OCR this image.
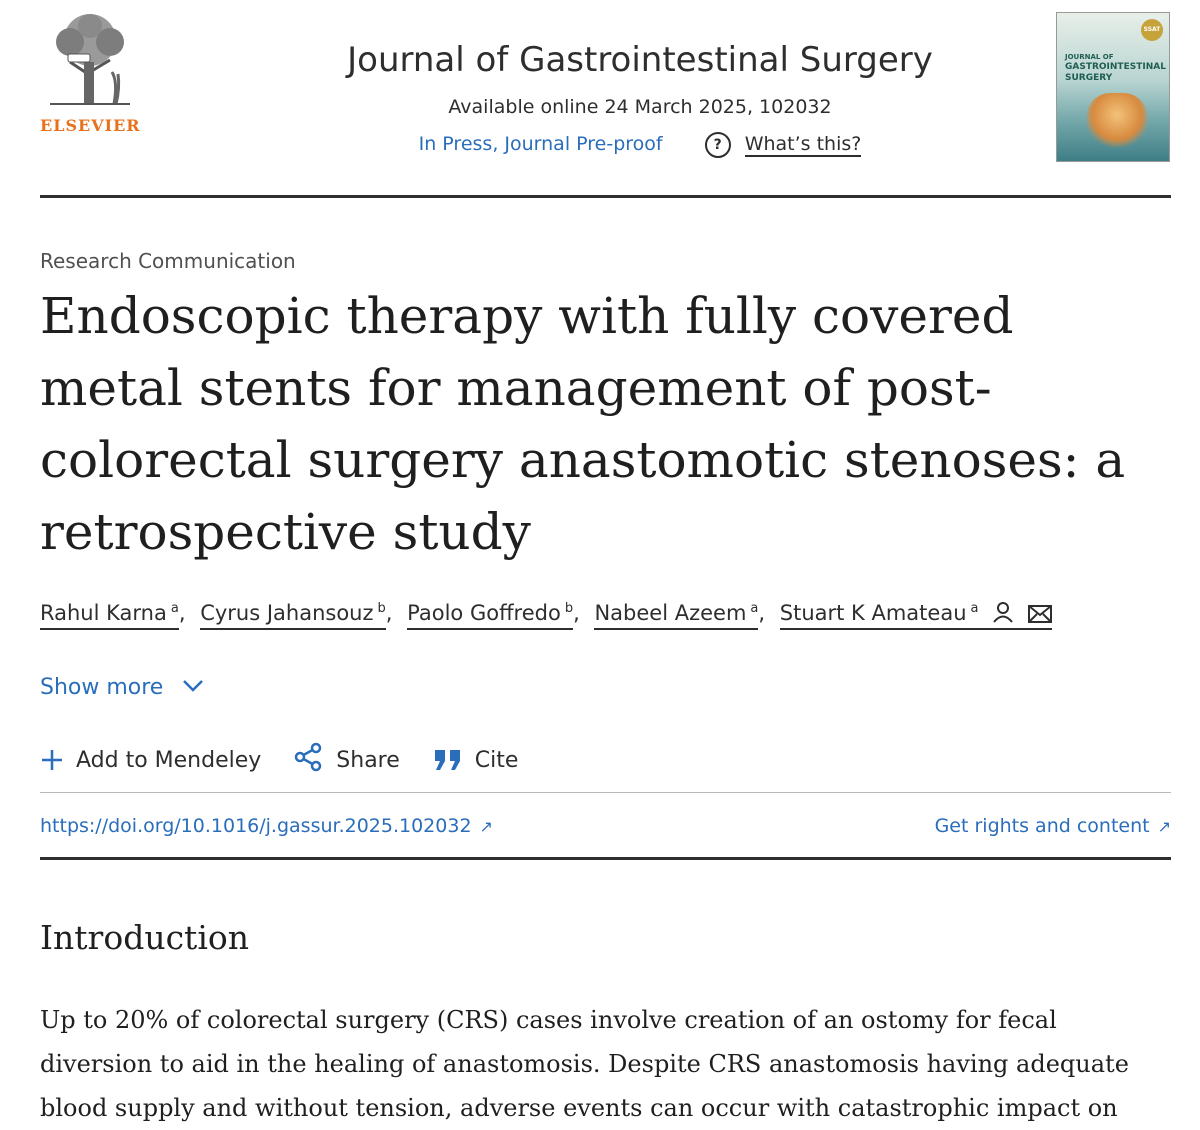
ELSEVIER
Journal of Gastrointestinal Surgery
Available online 24 March 2025, 102032
In Press, Journal Pre-proof	? What’s this?
SSAT
JOURNAL OF
GASTROINTESTINAL
SURGERY
Research Communication
Endoscopic therapy with fully covered metal stents for management of post- colorectal surgery anastomotic stenoses: a retrospective study
Rahul Karna $^a$, Cyrus Jahansouz $^b$, Paolo Goffredo $^b$, Nabeel Azeem $^a$, Stuart K Amateau $^a$
Show more
Add to Mendeley	Share	Cite
https://doi.org/10.1016/j.gassur.2025.102032 ↗	Get rights and content ↗
Introduction

Up to 20% of colorectal surgery (CRS) cases involve creation of an ostomy for fecal diversion to aid in the healing of anastomosis. Despite CRS anastomosis having adequate blood supply and without tension, adverse events can occur with catastrophic impact on
